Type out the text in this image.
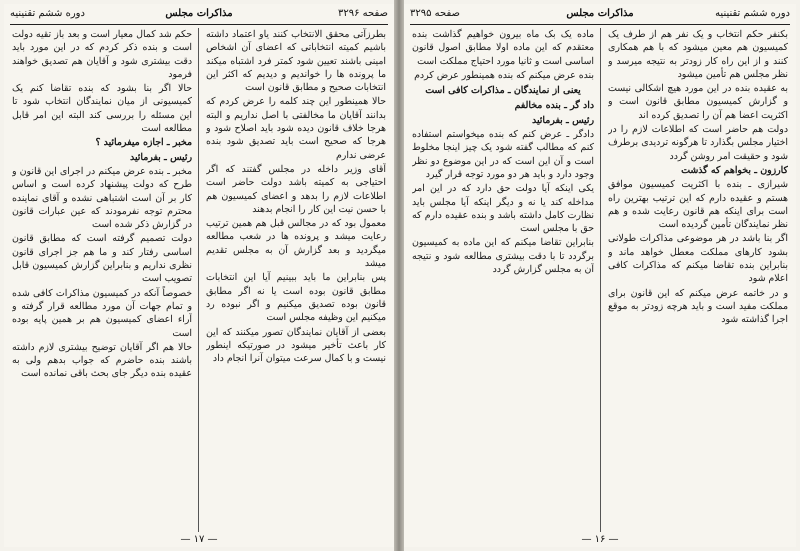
دوره ششم تقنینیه	مذاکرات مجلس	صفحه ۳۲۹۶

بطرزآتی محقق الانتخاب کنند یاو اعتماد داشته باشیم کمیته انتخاباتی که اعضای آن اشخاص امینی باشند تعیین شود کمتر فرد اشتباه میکند ما پرونده ها را خواندیم و دیدیم که اکثر این انتخابات صحیح و مطابق قانون است

حالا همینطور این چند کلمه را عرض کردم که بدانند آقایان ما مخالفتی با اصل نداریم و البته هرجا خلاف قانون دیده شود باید اصلاح شود و هرجا که صحیح است باید تصدیق شود بنده عرضی ندارم

آقای وزیر داخله در مجلس گفتند که اگر احتیاجی به کمیته باشد دولت حاضر است اطلاعات لازم را بدهد و اعضای کمیسیون هم با حسن نیت این کار را انجام بدهند

معمول بود که در مجالس قبل هم همین ترتیب رعایت میشد و پرونده ها در شعب مطالعه میگردید و بعد گزارش آن به مجلس تقدیم میشد

پس بنابراین ما باید ببینیم آیا این انتخابات مطابق قانون بوده است یا نه اگر مطابق قانون بوده تصدیق میکنیم و اگر نبوده رد میکنیم این وظیفه مجلس است

بعضی از آقایان نمایندگان تصور میکنند که این کار باعث تأخیر میشود در صورتیکه اینطور نیست و با کمال سرعت میتوان آنرا انجام داد

حکم شد کمال معیار است و بعد باز تقیه دولت است و بنده ذکر کردم که در این مورد باید دقت بیشتری شود و آقایان هم تصدیق خواهند فرمود

حالا اگر بنا بشود که بنده تقاضا کنم یک کمیسیونی از میان نمایندگان انتخاب شود تا این مسئله را بررسی کند البته این امر قابل مطالعه است

مخبر ـ اجازه میفرمائید ؟

رئیس ـ بفرمائید

مخبر ـ بنده عرض میکنم در اجرای این قانون و طرح که دولت پیشنهاد کرده است و اساس کار بر آن است اشتباهی نشده و آقای نماینده محترم توجه نفرمودند که عین عبارات قانون در گزارش ذکر شده است

دولت تصمیم گرفته است که مطابق قانون اساسی رفتار کند و ما هم جز اجرای قانون نظری نداریم و بنابراین گزارش کمیسیون قابل تصویب است

خصوصاً آنکه در کمیسیون مذاکرات کافی شده و تمام جهات آن مورد مطالعه قرار گرفته و آراء اعضای کمیسیون هم بر همین پایه بوده است

حالا هم اگر آقایان توضیح بیشتری لازم داشته باشند بنده حاضرم که جواب بدهم ولی به عقیده بنده دیگر جای بحث باقی نمانده است

— ۱۷ —
دوره ششم تقنینیه
مذاکرات مجلس
صفحه ۳۲۹۵

بکنفر حکم انتخاب و یک نفر هم از طرف یک کمیسیون هم معین میشود که با هم همکاری کنند و از این راه کار زودتر به نتیجه میرسد و نظر مجلس هم تأمین میشود

به عقیده بنده در این مورد هیچ اشکالی نیست و گزارش کمیسیون مطابق قانون است و اکثریت اعضا هم آن را تصدیق کرده اند

دولت هم حاضر است که اطلاعات لازم را در اختیار مجلس بگذارد تا هرگونه تردیدی برطرف شود و حقیقت امر روشن گردد

کارزون ـ بخواهم که گذشت

شیرازی ـ بنده با اکثریت کمیسیون موافق هستم و عقیده دارم که این ترتیب بهترین راه است برای اینکه هم قانون رعایت شده و هم نظر نمایندگان تأمین گردیده است

اگر بنا باشد در هر موضوعی مذاکرات طولانی بشود کارهای مملکت معطل خواهد ماند و بنابراین بنده تقاضا میکنم که مذاکرات کافی اعلام شود

و در خاتمه عرض میکنم که این قانون برای مملکت مفید است و باید هرچه زودتر به موقع اجرا گذاشته شود

ماده یک بک ماه بیرون خواهیم گذاشت بنده معتقدم که این ماده اولا مطابق اصول قانون اساسی است و ثانیا مورد احتیاج مملکت است

بنده عرض میکنم که بنده همینطور عرض کردم

یعنی از نمایندگان ـ مذاکرات کافی است

داد گر ـ بنده مخالفم

رئیس ـ بفرمائید

دادگر ـ عرض کنم که بنده میخواستم استفاده کنم که مطالب گفته شود یک چیز اینجا مخلوط است و آن این است که در این موضوع دو نظر وجود دارد و باید هر دو مورد توجه قرار گیرد

یکی اینکه آیا دولت حق دارد که در این امر مداخله کند یا نه و دیگر اینکه آیا مجلس باید نظارت کامل داشته باشد و بنده عقیده دارم که حق با مجلس است

بنابراین تقاضا میکنم که این ماده به کمیسیون برگردد تا با دقت بیشتری مطالعه شود و نتیجه آن به مجلس گزارش گردد

— ۱۶ —
